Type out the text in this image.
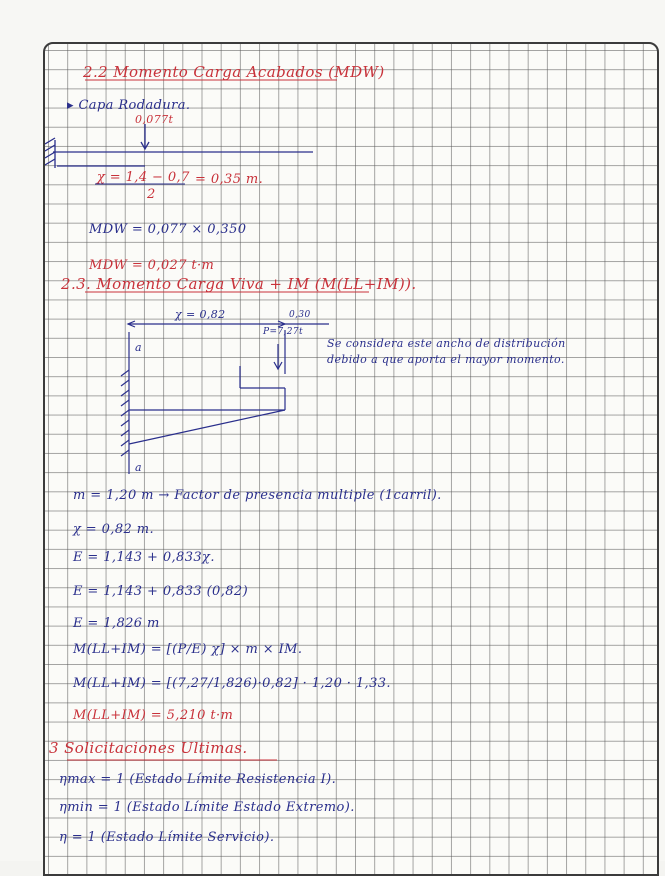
2.2 Momento Carga Acabados (MDW)
▸ Capa Rodadura.
0,077t
χ = 1,4 − 0,7
2
= 0,35 m.
MDW = 0,077 × 0,350
MDW = 0,027 t·m
2.3. Momento Carga Viva + IM (M(LL+IM)).
χ = 0,82	0,30
P=7,27t
a
a
Se considera este ancho de distribución
debido a que aporta el mayor momento.
m = 1,20 m → Factor de presencia multiple (1carril).
χ = 0,82 m.
E = 1,143 + 0,833χ.
E = 1,143 + 0,833 (0,82)
E = 1,826 m
M(LL+IM) = [(P/E) χ] × m × IM.
M(LL+IM) = [(7,27/1,826)·0,82] · 1,20 · 1,33.
M(LL+IM) = 5,210 t·m
3 Solicitaciones Ultimas.
ηmax = 1 (Estado Límite Resistencia I).
ηmin = 1 (Estado Límite Estado Extremo).
η = 1 (Estado Límite Servicio).
